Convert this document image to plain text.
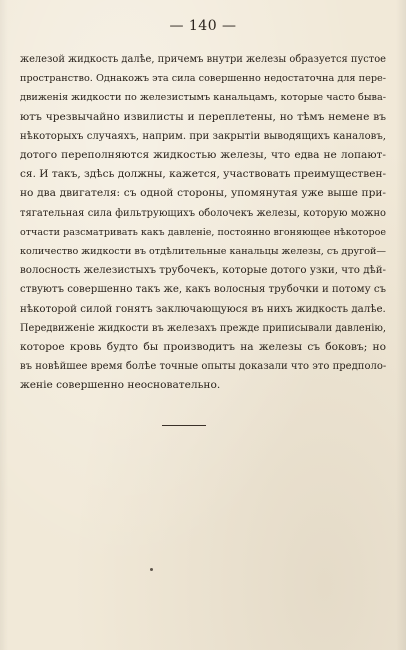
— 140 —
железой жидкость далѣе, причемъ внутри железы образуется пустое
пространство. Однакожъ эта сила совершенно недостаточна для пере-
движенія жидкости по железистымъ канальцамъ, которые часто быва-
ютъ чрезвычайно извилисты и переплетены, но тѣмъ немене въ
нѣкоторыхъ случаяхъ, наприм. при закрытіи выводящихъ каналовъ,
дотого переполняются жидкостью железы, что едва не лопают-
ся. И такъ, здѣсь должны, кажется, участвовать преимуществен-
но два двигателя: съ одной стороны, упомянутая уже выше при-
тягательная сила фильтрующихъ оболочекъ железы, которую можно
отчасти разсматривать какъ давленіе, постоянно вгоняющее нѣкоторое
количество жидкости въ отдѣлительные канальцы железы, съ другой—
волосность железистыхъ трубочекъ, которые дотого узки, что дѣй-
ствуютъ совершенно такъ же, какъ волосныя трубочки и потому съ
нѣкоторой силой гонятъ заключающуюся въ нихъ жидкость далѣе.
Передвиженіе жидкости въ железахъ прежде приписывали давленію,
которое кровь будто бы производитъ на железы съ боковъ; но
въ новѣйшее время болѣе точные опыты доказали что это предполо-
женіе совершенно неосновательно.
